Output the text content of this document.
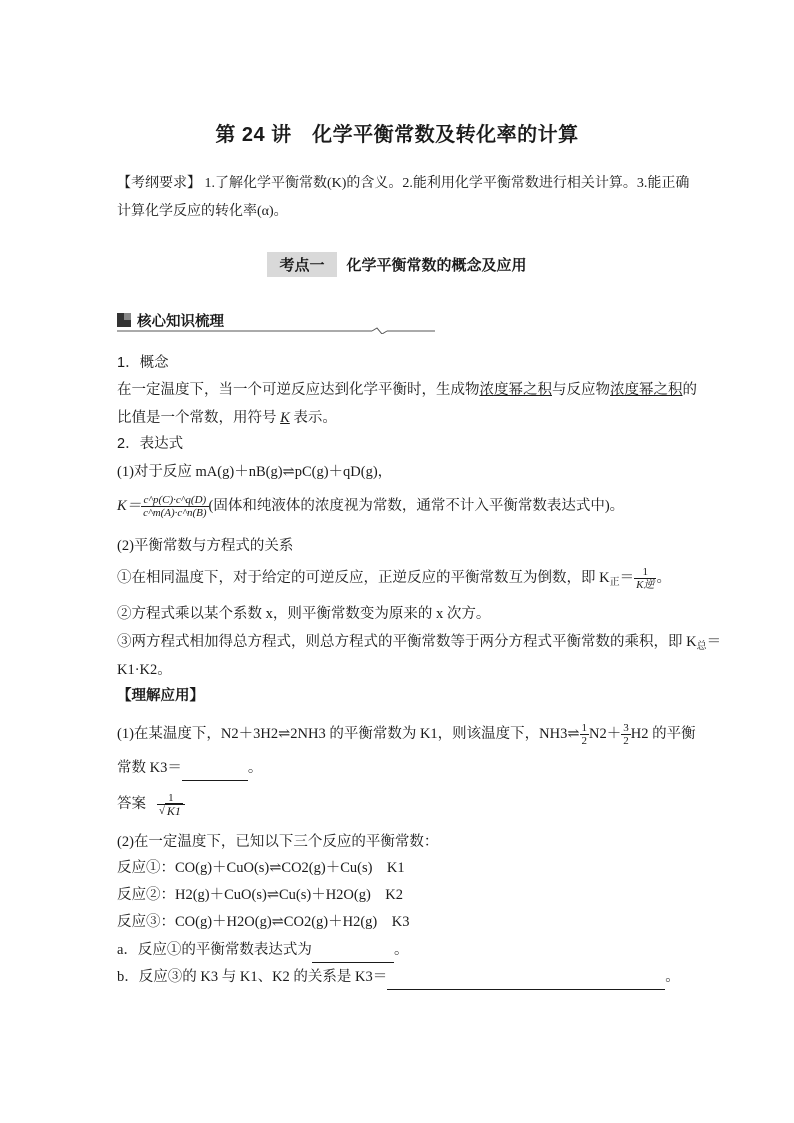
第 24 讲　化学平衡常数及转化率的计算
【考纲要求】 1.了解化学平衡常数(K)的含义。2.能利用化学平衡常数进行相关计算。3.能正确
计算化学反应的转化率(α)。
考点一 化学平衡常数的概念及应用
核心知识梳理
1．概念
在一定温度下，当一个可逆反应达到化学平衡时，生成物浓度幂之积与反应物浓度幂之积的
比值是一个常数，用符号 K 表示。
2．表达式
(1)对于反应 mA(g)＋nB(g)⇌pC(g)＋qD(g)，
$K= \frac{c\^{}p(C)\cdot c\^{}q(D)}{c\^{}m(A)\cdot c\^{}n(B)}$ (固体和纯液体的浓度视为常数，通常不计入平衡常数表达式中)。
(2)平衡常数与方程式的关系
①在相同温度下，对于给定的可逆反应，正逆反应的平衡常数互为倒数，即 $K_正= \frac{1}{\text{K逆}}$ 。
②方程式乘以某个系数 x，则平衡常数变为原来的 x 次方。
③两方程式相加得总方程式，则总方程式的平衡常数等于两分方程式平衡常数的乘积，即 $K_总=$
K1·K2。
【理解应用】
(1)在某温度下，N2＋3H2⇌2NH3 的平衡常数为 K1，则该温度下，NH3⇌ $\frac{1}{2} N2+ \frac{3}{2} H2$ 的平衡
常数 K3＝	。
答案 $\frac{1}{√ K1}$
(2)在一定温度下，已知以下三个反应的平衡常数：
反应①：CO(g)＋CuO(s)⇌CO2(g)＋Cu(s)　K1
反应②：H2(g)＋CuO(s)⇌Cu(s)＋H2O(g)　K2
反应③：CO(g)＋H2O(g)⇌CO2(g)＋H2(g)　K3
a．反应①的平衡常数表达式为	。
b．反应③的 K3 与 K1、K2 的关系是 K3＝	。
